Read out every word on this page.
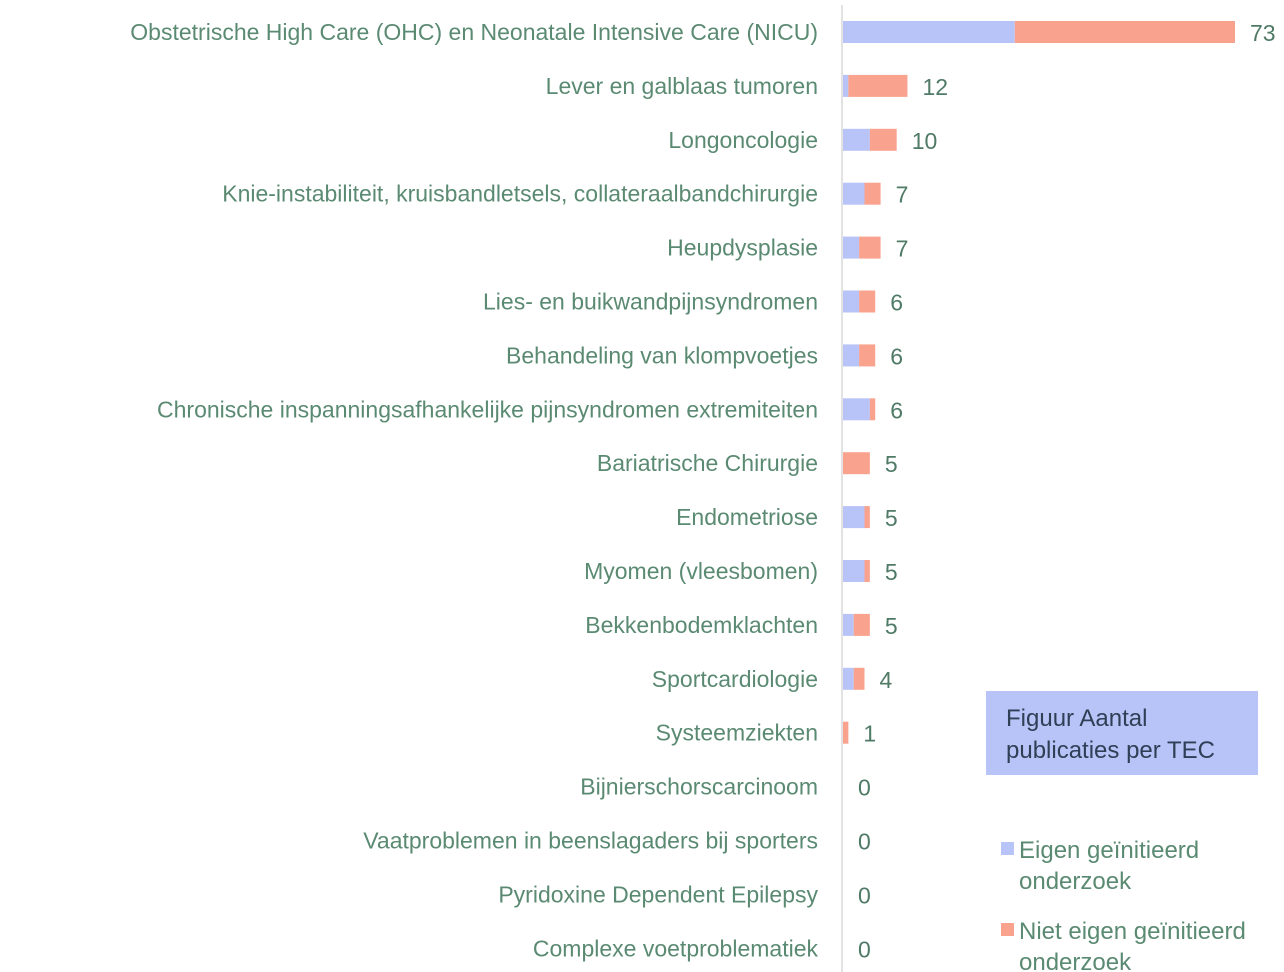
Obstetrische High Care (OHC) en Neonatale Intensive Care (NICU)
Lever en galblaas tumoren
Longoncologie
Knie-instabiliteit, kruisbandletsels, collateraalbandchirurgie
Heupdysplasie
Lies- en buikwandpijnsyndromen
Behandeling van klompvoetjes
Chronische inspanningsafhankelijke pijnsyndromen extremiteiten
Bariatrische Chirurgie
Endometriose
Myomen (vleesbomen)
Bekkenbodemklachten
Sportcardiologie
Systeemziekten
Bijnierschorscarcinoom
Vaatproblemen in beenslagaders bij sporters
Pyridoxine Dependent Epilepsy
Complexe voetproblematiek
73
12
10
7
7
6
6
6
5
5
5
5
4
1
0
0
0
0
Eigen geïnitieerd onderzoek
Niet eigen geïnitieerd onderzoek
Figuur Aantal publicaties per TEC
